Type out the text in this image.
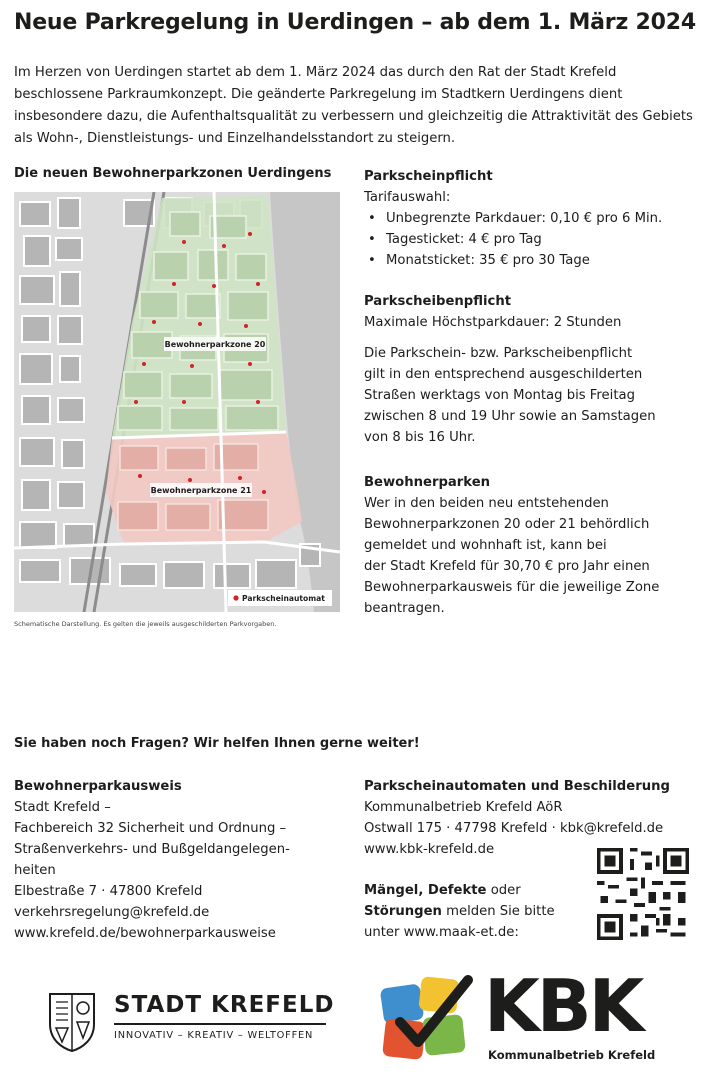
Neue Parkregelung in Uerdingen – ab dem 1. März 2024

Im Herzen von Uerdingen startet ab dem 1. März 2024 das durch den Rat der Stadt Krefeld beschlossene Parkraumkonzept. Die geänderte Parkregelung im Stadtkern Uerdingens dient insbesondere dazu, die Aufenthaltsqualität zu verbessern und gleichzeitig die Attraktivität des Gebiets als Wohn-, Dienstleistungs- und Einzelhandelsstandort zu steigern.

Die neuen Bewohnerparkzonen Uerdingens
Bewohnerparkzone 20
Bewohnerparkzone 21
Parkscheinautomat
Schematische Darstellung. Es gelten die jeweils ausgeschilderten Parkvorgaben.
Parkscheinpflicht
Tarifauswahl:
• Unbegrenzte Parkdauer: 0,10 € pro 6 Min.
• Tagesticket: 4 € pro Tag
• Monatsticket: 35 € pro 30 Tage
Parkscheibenpflicht
Maximale Höchstparkdauer: 2 Stunden
Die Parkschein- bzw. Parkscheibenpflicht
gilt in den entsprechend ausgeschilderten
Straßen werktags von Montag bis Freitag
zwischen 8 und 19 Uhr sowie an Samstagen
von 8 bis 16 Uhr.
Bewohnerparken
Wer in den beiden neu entstehenden
Bewohnerparkzonen 20 oder 21 behördlich
gemeldet und wohnhaft ist, kann bei
der Stadt Krefeld für 30,70 € pro Jahr einen
Bewohnerparkausweis für die jeweilige Zone
beantragen.
Sie haben noch Fragen? Wir helfen Ihnen gerne weiter!
Bewohnerparkausweis
Stadt Krefeld –
Fachbereich 32 Sicherheit und Ordnung –
Straßenverkehrs- und Bußgeldangelegen-
heiten
Elbestraße 7 · 47800 Krefeld
verkehrsregelung@krefeld.de
www.krefeld.de/bewohnerparkausweise
Parkscheinautomaten und Beschilderung
Kommunalbetrieb Krefeld AöR
Ostwall 175 · 47798 Krefeld · kbk@krefeld.de
www.kbk-krefeld.de
Mängel, Defekte oder
Störungen melden Sie bitte
unter www.maak-et.de:
STADT KREFELD
INNOVATIV – KREATIV – WELTOFFEN KBK
Kommunalbetrieb Krefeld
